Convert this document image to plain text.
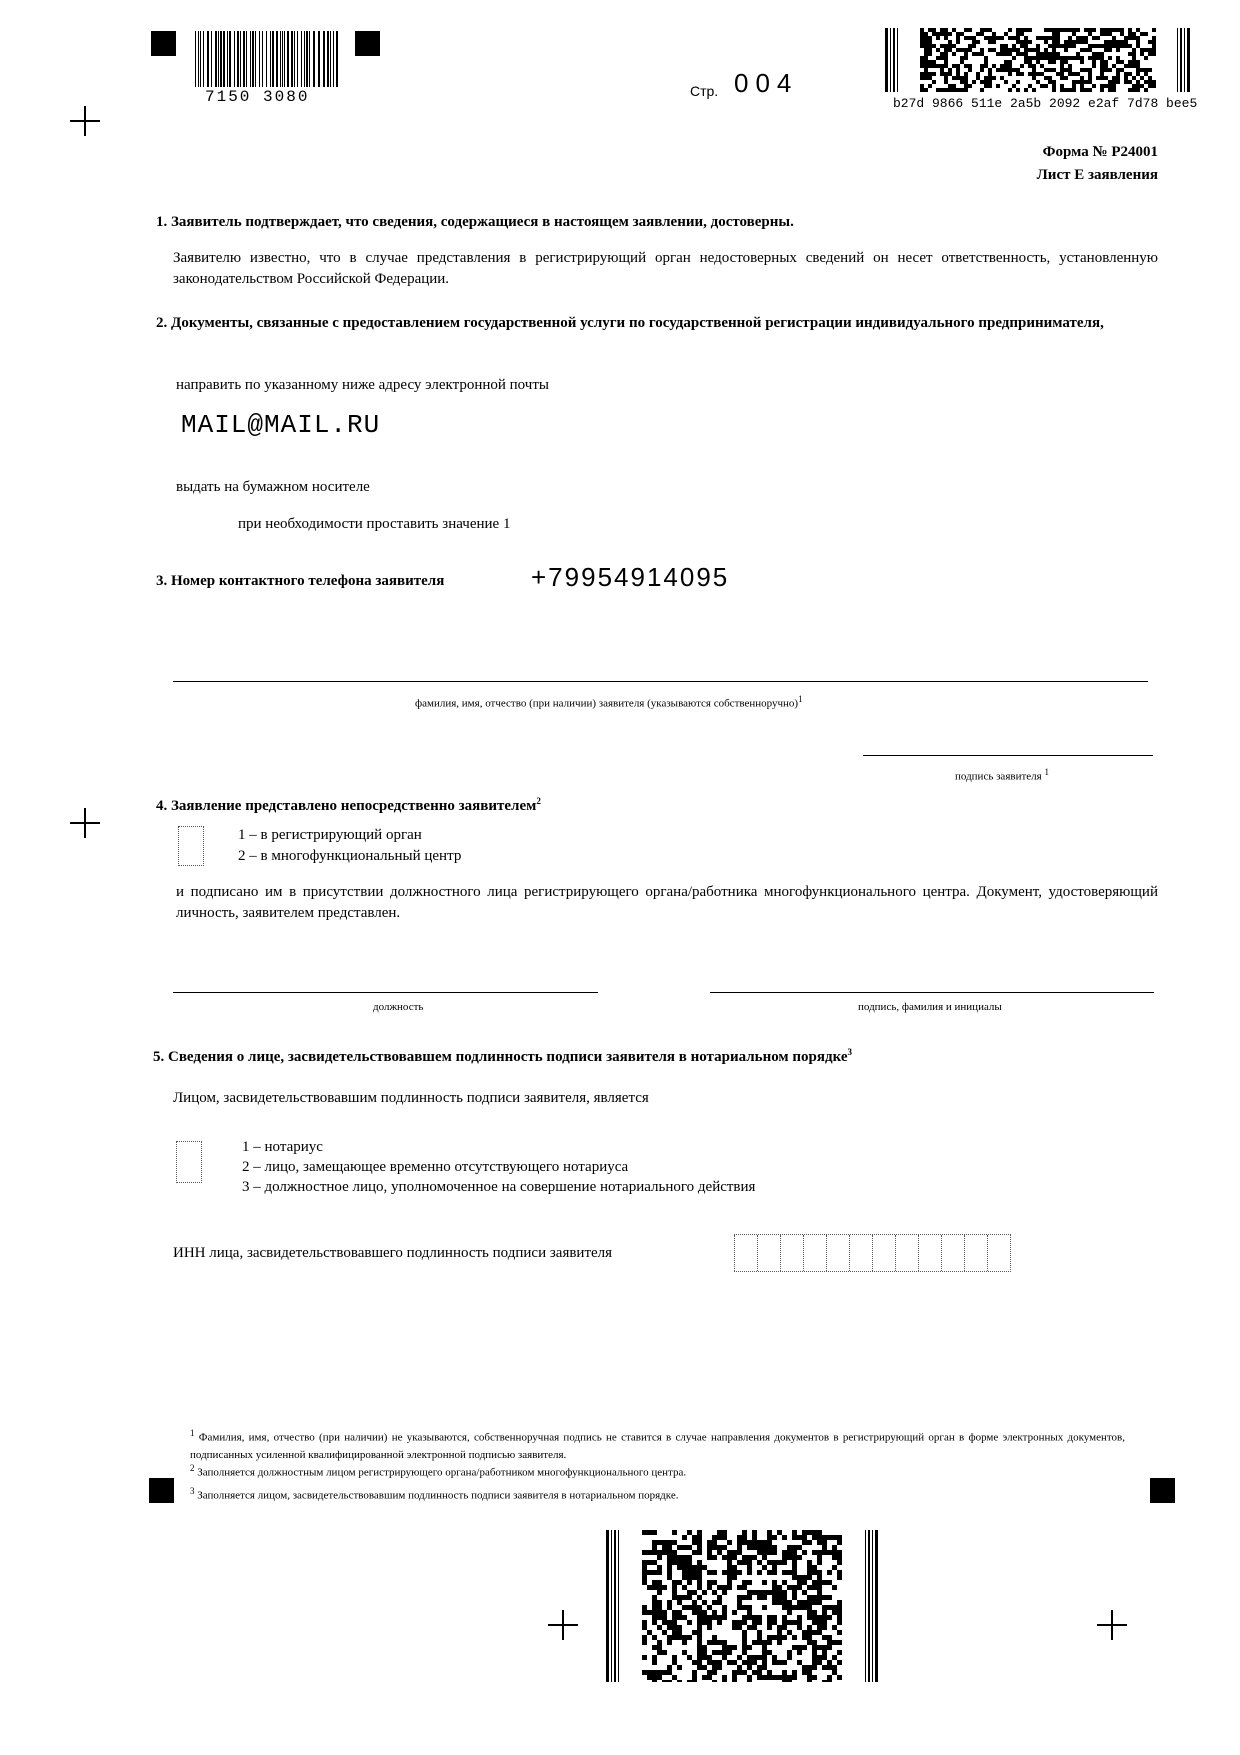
7150 3080	Стр. 004
b27d 9866 511e 2a5b 2092 e2af 7d78 bee5
Форма № Р24001
Лист Е заявления
1. Заявитель подтверждает, что сведения, содержащиеся в настоящем заявлении, достоверны.
Заявителю известно, что в случае представления в регистрирующий орган недостоверных сведений он несет ответственность, установленную законодательством Российской Федерации.
2. Документы, связанные с предоставлением государственной услуги по государственной регистрации индивидуального предпринимателя,
направить по указанному ниже адресу электронной почты
MAIL@MAIL.RU
выдать на бумажном носителе
при необходимости проставить значение 1
3. Номер контактного телефона заявителя	+79954914095
фамилия, имя, отчество (при наличии) заявителя (указываются собственноручно)$^1$
подпись заявителя $^1$
4. Заявление представлено непосредственно заявителем$^2$
1 – в регистрирующий орган
2 – в многофункциональный центр
и подписано им в присутствии должностного лица регистрирующего органа/работника многофункционального центра. Документ, удостоверяющий личность, заявителем представлен.
должность	подпись, фамилия и инициалы
5. Сведения о лице, засвидетельствовавшем подлинность подписи заявителя в нотариальном порядке$^3$
Лицом, засвидетельствовавшим подлинность подписи заявителя, является
1 – нотариус
2 – лицо, замещающее временно отсутствующего нотариуса
3 – должностное лицо, уполномоченное на совершение нотариального действия
ИНН лица, засвидетельствовавшего подлинность подписи заявителя
$^1$ Фамилия, имя, отчество (при наличии) не указываются, собственноручная подпись не ставится в случае направления документов в регистрирующий орган в форме электронных документов, подписанных усиленной квалифицированной электронной подписью заявителя.
$^2$ Заполняется должностным лицом регистрирующего органа/работником многофункционального центра.
$^3$ Заполняется лицом, засвидетельствовавшим подлинность подписи заявителя в нотариальном порядке.
